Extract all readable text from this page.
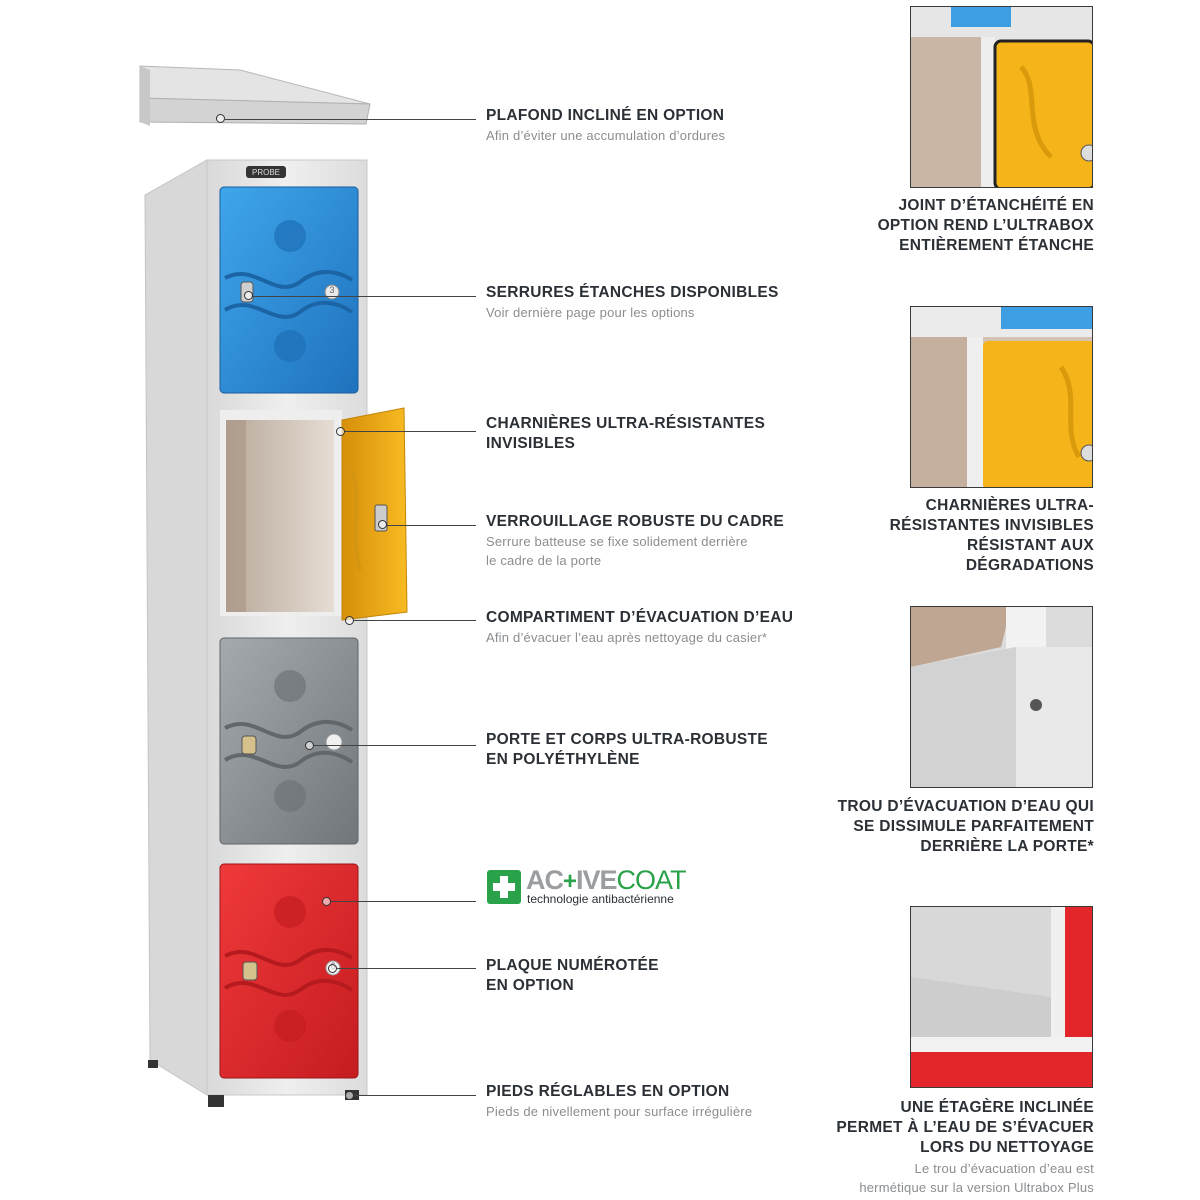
PROBE
3
PLAFOND INCLINÉ EN OPTION
Afin d’éviter une accumulation d’ordures
SERRURES ÉTANCHES DISPONIBLES
Voir dernière page pour les options
CHARNIÈRES ULTRA-RÉSISTANTES
INVISIBLES
VERROUILLAGE ROBUSTE DU CADRE
Serrure batteuse se fixe solidement derrière
le cadre de la porte
COMPARTIMENT D’ÉVACUATION D’EAU
Afin d’évacuer l’eau après nettoyage du casier*
PORTE ET CORPS ULTRA-ROBUSTE
EN POLYÉTHYLÈNE
AC+IVECOAT
technologie antibactérienne
PLAQUE NUMÉROTÉE
EN OPTION
PIEDS RÉGLABLES EN OPTION
Pieds de nivellement pour surface irrégulière
JOINT D’ÉTANCHÉITÉ EN
OPTION REND L’ULTRABOX
ENTIÈREMENT ÉTANCHE
CHARNIÈRES ULTRA-
RÉSISTANTES INVISIBLES
RÉSISTANT AUX
DÉGRADATIONS
TROU D’ÉVACUATION D’EAU QUI
SE DISSIMULE PARFAITEMENT
DERRIÈRE LA PORTE*
UNE ÉTAGÈRE INCLINÉE
PERMET À L’EAU DE S’ÉVACUER
LORS DU NETTOYAGE
Le trou d’évacuation d’eau est
hermétique sur la version Ultrabox Plus
